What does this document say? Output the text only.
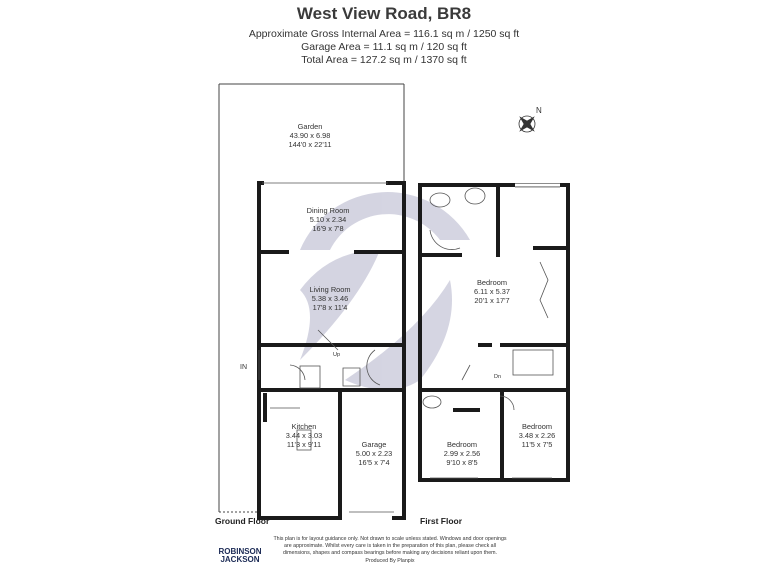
West View Road, BR8
Approximate Gross Internal Area = 116.1 sq m / 1250 sq ft
Garage Area = 11.1 sq m / 120 sq ft
Total Area = 127.2 sq m / 1370 sq ft
N
Garden
43.90 x 6.98
144'0 x 22'11
Dining Room
5.10 x 2.34
16'9 x 7'8
Living Room
5.38 x 3.46
17'8 x 11'4
Kitchen
3.44 x 3.03
11'3 x 9'11	Garage
5.00 x 2.23
16'5 x 7'4
Bedroom
6.11 x 5.37
20'1 x 17'7
Bedroom
2.99 x 2.56
9'10 x 8'5
Bedroom
3.48 x 2.26
11'5 x 7'5
IN
Up
Dn
Ground Floor	First Floor
This plan is for layout guidance only. Not drawn to scale unless stated. Windows and door openings
are approximate. Whilst every care is taken in the preparation of this plan, please check all
dimensions, shapes and compass bearings before making any decisions reliant upon them.
Produced By Planpix
ROBINSON
JACKSON
